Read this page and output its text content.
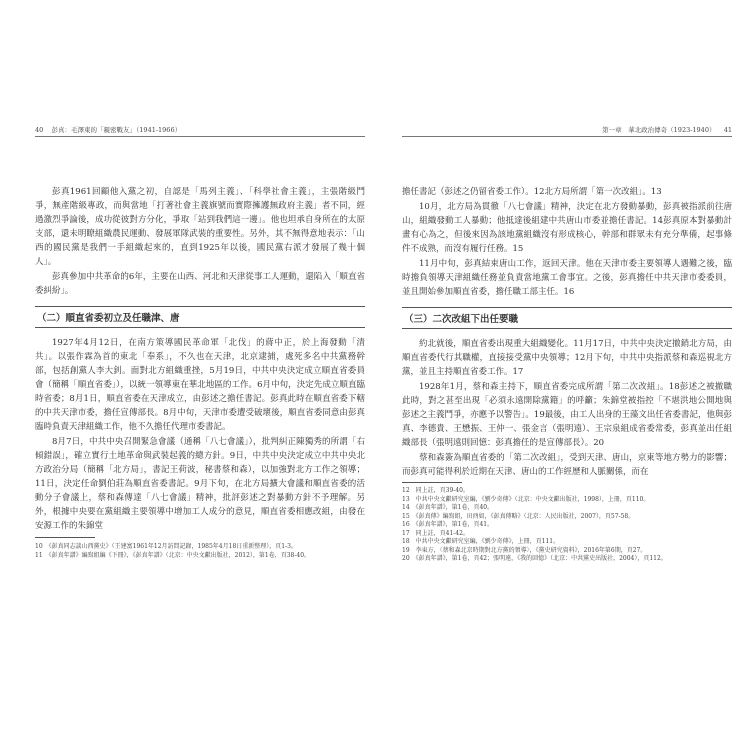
40 彭真：毛澤東的「親密戰友」（1941-1966）

彭真1961回顧他入黨之初，自認是「馬列主義」、「科學社會主義」，主張階級鬥爭，無產階級專政，而與當地「打著社會主義旗號而實際擁護無政府主義」者不同，經過激烈爭論後，成功從彼對方分化，爭取「站到我們這一邊」。他也坦承自身所在的太原支部，還未明瞭組織農民運動、發展軍隊武裝的重要性。另外，其不無得意地表示：「山西的國民黨是我們一手組織起來的，直到1925年以後，國民黨右派才發展了幾十個人」。

彭真參加中共革命的6年，主要在山西、河北和天津從事工人運動，還陷入「順直省委糾紛」。

（二）順直省委初立及任職津、唐

1927年4月12日，在南方策導國民革命軍「北伐」的蔣中正，於上海發動「清共」。以張作霖為首的東北「奉系」，不久也在天津，北京逮捕，處死多名中共黨務幹部，包括創黨人李大釗。面對北方組織重挫，5月19日，中共中央決定成立順直省委員會（簡稱「順直省委」），以統一領導東在華北地區的工作。6月中旬，決定先成立順直臨時省委；8月1日，順直省委在天津成立，由彭述之擔任書記。彭真此時在順直省委下轄的中共天津市委，擔任宣傳部長。8月中旬，天津市委遭受破壞後，順直省委同意由彭真臨時負責天津組織工作，他不久擔任代理市委書記。

8月7日，中共中央召開緊急會議（通稱「八七會議」），批判糾正陳獨秀的所謂「右傾錯誤」，確立實行土地革命與武裝起義的總方針。9日，中共中央決定成立中共中央北方政治分局（簡稱「北方局」，書記王荷波，秘書蔡和森），以加強對北方工作之領導；11日，決定任命劉伯莊為順直省委書記。9月下旬，在北方局擴大會議和順直省委的活動分子會議上，蔡和森傳達「八七會議」精神，批評彭述之對暴動方針不予理解。另外，根據中央要在黨組織主要領導中增加工人成分的意見，順直省委相應改組，由發在安源工作的朱錦堂

10　《彭真同志談山西黨史》（王建富1961年12月訪問記錄，1985年4月18日重新整理），頁1-3。

11　《彭真年譜》編寫組編《下冊》，《彭真年譜》（北京：中央文獻出版社，2012），第1卷，頁38-40。

第一章　華北政治傳奇（1923-1940） 41

擔任書記（彭述之仍留省委工作）。12北方局所謂「第一次改組」。13

10月，北方局為貫徹「八七會議」精神，決定在北方發動暴動，彭真被指派前往唐山，組織發動工人暴動；他抵達後組建中共唐山市委並擔任書記。14彭真原本對暴動計畫有心為之，但後來因為該地黨組織沒有形成核心，幹部和群眾未有充分準備，起事條件不成熟，而沒有履行任務。15

11月中旬，彭真結束唐山工作，返回天津。他在天津市委主要領導人遇難之後，臨時擔負領導天津組織任務並負責當地黨工會事宜。之後，彭真擔任中共天津市委委員，並且開始參加順直省委，擔任職工部主任。16

（三）二次改組下出任要職

約北就後，順直省委出現重大組織變化。11月17日，中共中央決定撤銷北方局，由順直省委代行其職權，直接接受黨中央領導；12月下旬，中共中央指派蔡和森巡視北方黨，並且主持順直省委工作。17

1928年1月，蔡和森主持下，順直省委完成所謂「第二次改組」。18彭述之被撤職此時，對之甚至出現「必須永遠開除黨籍」的呼籲；朱錦堂被指控「不堪洪地公開地與彭述之主義鬥爭，亦應予以警告」。19最後，由工人出身的王藻文出任省委書記，他與彭真、李德貴、王懋振、王仲一、張金言（張明遠）、王宗泉組成省委常委，彭真並出任組織部長（張明遠則回憶：彭真擔任的是宣傳部長）。20

蔡和森簽為順直省委的「第二次改組」，受到天津、唐山，京東等地方勢力的影響；而彭真可能得利於近期在天津、唐山的工作經歷和人脈關係，而在

12　同上註，頁39-40。

13　中共中央文獻研究室編，《劉少奇傳》（北京：中央文獻出版社，1998），上冊，頁110。

14　《彭真年譜》，第1卷，頁40。

15　《彭真傳》編寫組，田酉如，《彭真傳略》（北京：人民出版社，2007），頁57-58。

16　《彭真年譜》，第1卷，頁41。

17　同上註，頁41-42。

18　中共中央文獻研究室編，《劉少奇傳》，上冊，頁111。

19　李東方，〈蔡和森北京時期對北方黨的領導〉，《黨史研究資料》，2016年第6期，頁27。

20　《彭真年譜》，第1卷，頁42；張明遠，《我的回憶》（北京：中共黨史出版社，2004），頁112。
